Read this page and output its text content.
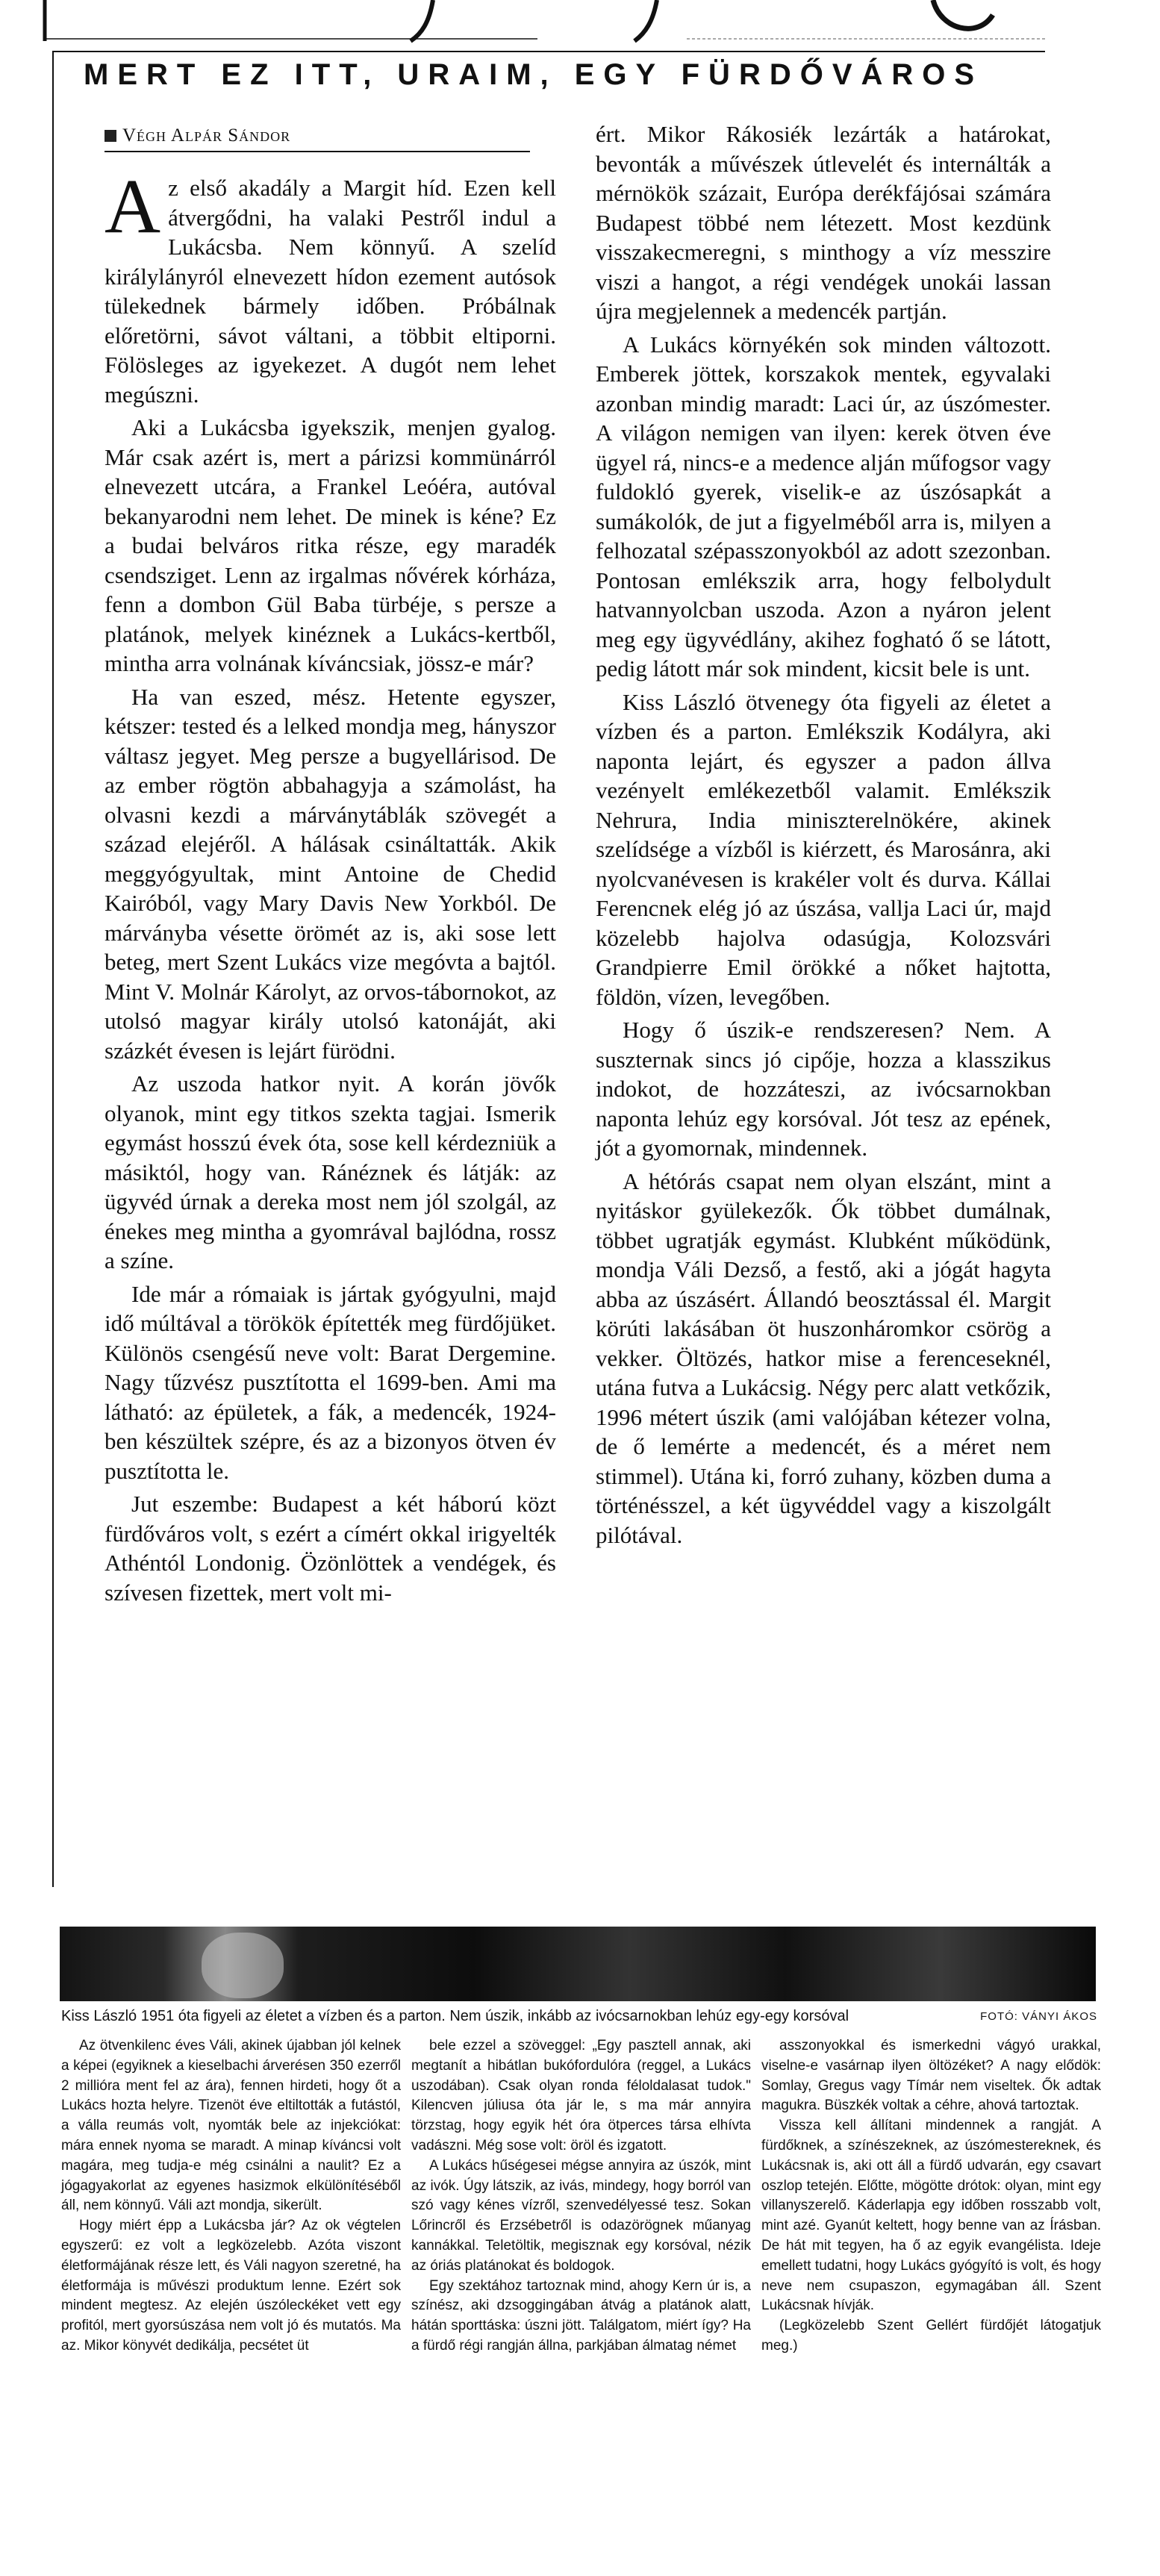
MERT EZ ITT, URAIM, EGY FÜRDŐVÁROS
Végh Alpár Sándor

Az első akadály a Margit híd. Ezen kell átvergődni, ha valaki Pestről indul a Lukácsba. Nem könnyű. A szelíd királylányról elnevezett hídon ezement autósok tülekednek bármely időben. Próbálnak előretörni, sávot váltani, a többit eltiporni. Fölösleges az igyekezet. A dugót nem lehet megúszni.

Aki a Lukácsba igyekszik, menjen gyalog. Már csak azért is, mert a párizsi kommünárról elnevezett utcára, a Frankel Leóéra, autóval bekanyarodni nem lehet. De minek is kéne? Ez a budai belváros ritka része, egy maradék csendsziget. Lenn az irgalmas nővérek kórháza, fenn a dombon Gül Baba türbéje, s persze a platánok, melyek kinéznek a Lukács-kertből, mintha arra volnának kíváncsiak, jössz-e már?

Ha van eszed, mész. Hetente egyszer, kétszer: tested és a lelked mondja meg, hányszor váltasz jegyet. Meg persze a bugyellárisod. De az ember rögtön abbahagyja a számolást, ha olvasni kezdi a márványtáblák szövegét a század elejéről. A hálásak csináltatták. Akik meggyógyultak, mint Antoine de Chedid Kairóból, vagy Mary Davis New Yorkból. De márványba vésette örömét az is, aki sose lett beteg, mert Szent Lukács vize megóvta a bajtól. Mint V. Molnár Károlyt, az orvos-tábornokot, az utolsó magyar király utolsó katonáját, aki százkét évesen is lejárt fürödni.

Az uszoda hatkor nyit. A korán jövők olyanok, mint egy titkos szekta tagjai. Ismerik egymást hosszú évek óta, sose kell kérdezniük a másiktól, hogy van. Ránéznek és látják: az ügyvéd úrnak a dereka most nem jól szolgál, az énekes meg mintha a gyomrával bajlódna, rossz a színe.

Ide már a rómaiak is jártak gyógyulni, majd idő múltával a törökök építették meg fürdőjüket. Különös csengésű neve volt: Barat Dergemine. Nagy tűzvész pusztította el 1699-ben. Ami ma látható: az épületek, a fák, a medencék, 1924-ben készültek szépre, és az a bizonyos ötven év pusztította le.

Jut eszembe: Budapest a két háború közt fürdőváros volt, s ezért a címért okkal irigyelték Athéntól Londonig. Özönlöttek a vendégek, és szívesen fizettek, mert volt mi-

ért. Mikor Rákosiék lezárták a határokat, bevonták a művészek útlevelét és internálták a mérnökök százait, Európa derékfájósai számára Budapest többé nem létezett. Most kezdünk visszakecmeregni, s minthogy a víz messzire viszi a hangot, a régi vendégek unokái lassan újra megjelennek a medencék partján.

A Lukács környékén sok minden változott. Emberek jöttek, korszakok mentek, egyvalaki azonban mindig maradt: Laci úr, az úszómester. A világon nemigen van ilyen: kerek ötven éve ügyel rá, nincs-e a medence alján műfogsor vagy fuldokló gyerek, viselik-e az úszósapkát a sumákolók, de jut a figyelméből arra is, milyen a felhozatal szépasszonyokból az adott szezonban. Pontosan emlékszik arra, hogy felbolydult hatvannyolcban uszoda. Azon a nyáron jelent meg egy ügyvédlány, akihez fogható ő se látott, pedig látott már sok mindent, kicsit bele is unt.

Kiss László ötvenegy óta figyeli az életet a vízben és a parton. Emlékszik Kodályra, aki naponta lejárt, és egyszer a padon állva vezényelt emlékezetből valamit. Emlékszik Nehrura, India miniszterelnökére, akinek szelídsége a vízből is kiérzett, és Marosánra, aki nyolcvanévesen is krakéler volt és durva. Kállai Ferencnek elég jó az úszása, vallja Laci úr, majd közelebb hajolva odasúgja, Kolozsvári Grandpierre Emil örökké a nőket hajtotta, földön, vízen, levegőben.

Hogy ő úszik-e rendszeresen? Nem. A suszternak sincs jó cipője, hozza a klasszikus indokot, de hozzáteszi, az ivócsarnokban naponta lehúz egy korsóval. Jót tesz az epének, jót a gyomornak, mindennek.

A hétórás csapat nem olyan elszánt, mint a nyitáskor gyülekezők. Ők többet dumálnak, többet ugratják egymást. Klubként működünk, mondja Váli Dezső, a festő, aki a jógát hagyta abba az úszásért. Állandó beosztással él. Margit körúti lakásában öt huszonháromkor csörög a vekker. Öltözés, hatkor mise a ferenceseknél, utána futva a Lukácsig. Négy perc alatt vetkőzik, 1996 métert úszik (ami valójában kétezer volna, de ő lemérte a medencét, és a méret nem stimmel). Utána ki, forró zuhany, közben duma a történésszel, a két ügyvéddel vagy a kiszolgált pilótával.

Kiss László 1951 óta figyeli az életet a vízben és a parton. Nem úszik, inkább az ivócsarnokban lehúz egy-egy korsóval	FOTÓ: VÁNYI ÁKOS

Az ötvenkilenc éves Váli, akinek újabban jól kelnek a képei (egyiknek a kieselbachi árverésen 350 ezerről 2 millióra ment fel az ára), fennen hirdeti, hogy őt a Lukács hozta helyre. Tizenöt éve eltiltották a futástól, a válla reumás volt, nyomták bele az injekciókat: mára ennek nyoma se maradt. A minap kíváncsi volt magára, meg tudja-e még csinálni a naulit? Ez a jógagyakorlat az egyenes hasizmok elkülönítéséből áll, nem könnyű. Váli azt mondja, sikerült.

Hogy miért épp a Lukácsba jár? Az ok végtelen egyszerű: ez volt a legközelebb. Azóta viszont életformájának része lett, és Váli nagyon szeretné, ha életformája is művészi produktum lenne. Ezért sok mindent megtesz. Az elején úszóleckéket vett egy profitól, mert gyorsúszása nem volt jó és mutatós. Ma az. Mikor könyvét dedikálja, pecsétet üt

bele ezzel a szöveggel: „Egy pasztell annak, aki megtanít a hibátlan bukófordulóra (reggel, a Lukács uszodában). Csak olyan ronda féloldalasat tudok." Kilencven júliusa óta jár le, s ma már annyira törzstag, hogy egyik hét óra ötperces társa elhívta vadászni. Még sose volt: öröl és izgatott.

A Lukács hűségesei mégse annyira az úszók, mint az ivók. Úgy látszik, az ivás, mindegy, hogy borról van szó vagy kénes vízről, szenvedélyessé tesz. Sokan Lőrincről és Erzsébetről is odazörögnek műanyag kannákkal. Teletöltik, megisznak egy korsóval, nézik az óriás platánokat és boldogok.

Egy szektához tartoznak mind, ahogy Kern úr is, a színész, aki dzsoggingában átvág a platánok alatt, hátán sporttáska: úszni jött. Találgatom, miért így? Ha a fürdő régi rangján állna, parkjában álmatag német

asszonyokkal és ismerkedni vágyó urakkal, viselne-e vasárnap ilyen öltözéket? A nagy elődök: Somlay, Gregus vagy Tímár nem viseltek. Ők adtak magukra. Büszkék voltak a céhre, ahová tartoztak.

Vissza kell állítani mindennek a rangját. A fürdőknek, a színészeknek, az úszómestereknek, és Lukácsnak is, aki ott áll a fürdő udvarán, egy csavart oszlop tetején. Előtte, mögötte drótok: olyan, mint egy villanyszerelő. Káderlapja egy időben rosszabb volt, mint azé. Gyanút keltett, hogy benne van az Írásban. De hát mit tegyen, ha ő az egyik evangélista. Ideje emellett tudatni, hogy Lukács gyógyító is volt, és hogy neve nem csupaszon, egymagában áll. Szent Lukácsnak hívják.

(Legközelebb Szent Gellért fürdőjét látogatjuk meg.)
